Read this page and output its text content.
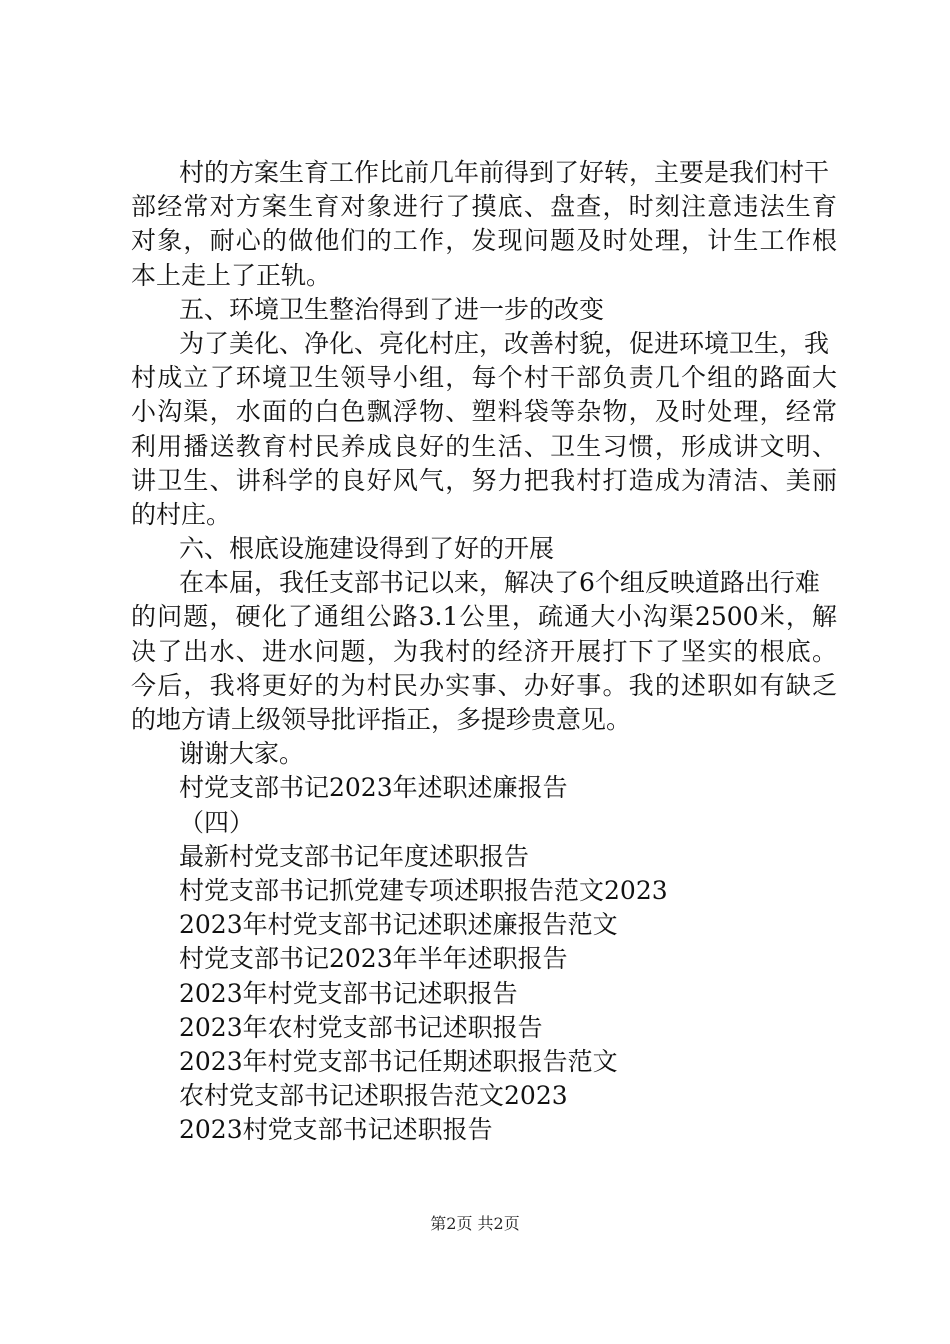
村的方案生育工作比前几年前得到了好转，主要是我们村干
部经常对方案生育对象进行了摸底、盘查，时刻注意违法生育
对象，耐心的做他们的工作，发现问题及时处理，计生工作根
本上走上了正轨。
五、环境卫生整治得到了进一步的改变
为了美化、净化、亮化村庄，改善村貌，促进环境卫生，我
村成立了环境卫生领导小组，每个村干部负责几个组的路面大
小沟渠，水面的白色飘浮物、塑料袋等杂物，及时处理，经常
利用播送教育村民养成良好的生活、卫生习惯，形成讲文明、
讲卫生、讲科学的良好风气，努力把我村打造成为清洁、美丽
的村庄。
六、根底设施建设得到了好的开展
在本届，我任支部书记以来，解决了6个组反映道路出行难
的问题，硬化了通组公路3.1公里，疏通大小沟渠2500米，解
决了出水、进水问题，为我村的经济开展打下了坚实的根底。
今后，我将更好的为村民办实事、办好事。我的述职如有缺乏
的地方请上级领导批评指正，多提珍贵意见。
谢谢大家。
村党支部书记2023年述职述廉报告
（四）
最新村党支部书记年度述职报告
村党支部书记抓党建专项述职报告范文2023
2023年村党支部书记述职述廉报告范文
村党支部书记2023年半年述职报告
2023年村党支部书记述职报告
2023年农村党支部书记述职报告
2023年村党支部书记任期述职报告范文
农村党支部书记述职报告范文2023
2023村党支部书记述职报告
第2页 共2页
